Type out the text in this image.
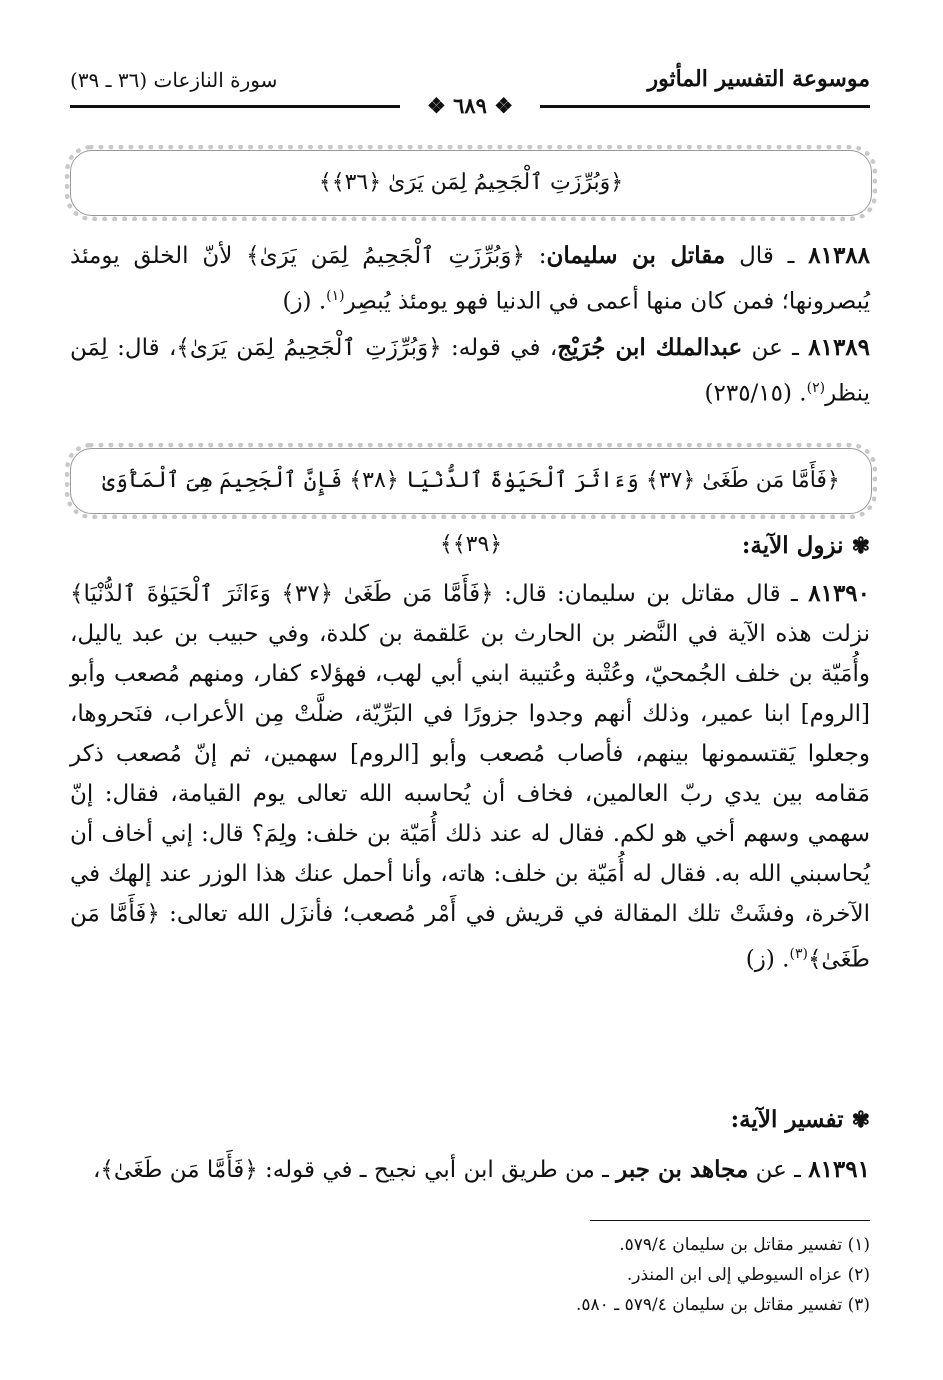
موسوعة التفسير المأثور
سورة النازعات (٣٦ ـ ٣٩)
❖ ٦٨٩ ❖
﴿وَبُرِّزَتِ ٱلْجَحِيمُ لِمَن يَرَىٰ ﴿٣٦﴾﴾
٨١٣٨٨ ـ قال مقاتل بن سليمان: ﴿وَبُرِّزَتِ ٱلْجَحِيمُ لِمَن يَرَىٰ﴾ لأنّ الخلق يومئذ يُبصرونها؛ فمن كان منها أعمى في الدنيا فهو يومئذ يُبصِر$^{(١)}$. (ز)
٨١٣٨٩ ـ عن عبدالملك ابن جُرَيْج، في قوله: ﴿وَبُرِّزَتِ ٱلْجَحِيمُ لِمَن يَرَىٰ﴾، قال: لِمَن ينظر$^{(٢)}$. (٢٣٥/١٥)
﴿فَأَمَّا مَن طَغَىٰ ﴿٣٧﴾ وَءَاثَرَ ٱلْحَيَوٰةَ ٱلدُّنْيَا ﴿٣٨﴾ فَإِنَّ ٱلْجَحِيمَ هِىَ ٱلْمَأْوَىٰ ﴿٣٩﴾﴾	✾ نزول الآية:
٨١٣٩٠ ـ قال مقاتل بن سليمان: قال: ﴿فَأَمَّا مَن طَغَىٰ ﴿٣٧﴾ وَءَاثَرَ ٱلْحَيَوٰةَ ٱلدُّنْيَا﴾ نزلت هذه الآية في النَّضر بن الحارث بن عَلقمة بن كلدة، وفي حبيب بن عبد ياليل، وأُمَيّة بن خلف الجُمحيّ، وعُتْبة وعُتيبة ابني أبي لهب، فهؤلاء كفار، ومنهم مُصعب وأبو [الروم] ابنا عمير، وذلك أنهم وجدوا جزورًا في البَرِّيّة، ضلَّتْ مِن الأعراب، فنَحروها، وجعلوا يَقتسمونها بينهم، فأصاب مُصعب وأبو [الروم] سهمين، ثم إنّ مُصعب ذكر مَقامه بين يدي ربّ العالمين، فخاف أن يُحاسبه الله تعالى يوم القيامة، فقال: إنّ سهمي وسهم أخي هو لكم. فقال له عند ذلك أُمَيّة بن خلف: ولِمَ؟ قال: إني أخاف أن يُحاسبني الله به. فقال له أُمَيّة بن خلف: هاته، وأنا أحمل عنك هذا الوزر عند إلهك في الآخرة، وفشَتْ تلك المقالة في قريش في أَمْر مُصعب؛ فأنزَل الله تعالى: ﴿فَأَمَّا مَن طَغَىٰ﴾$^{(٣)}$. (ز)
✾ تفسير الآية:
٨١٣٩١ ـ عن مجاهد بن جبر ـ من طريق ابن أبي نجيح ـ في قوله: ﴿فَأَمَّا مَن طَغَىٰ﴾،
(١) تفسير مقاتل بن سليمان ٥٧٩/٤.
(٢) عزاه السيوطي إلى ابن المنذر.
(٣) تفسير مقاتل بن سليمان ٥٧٩/٤ ـ ٥٨٠.
